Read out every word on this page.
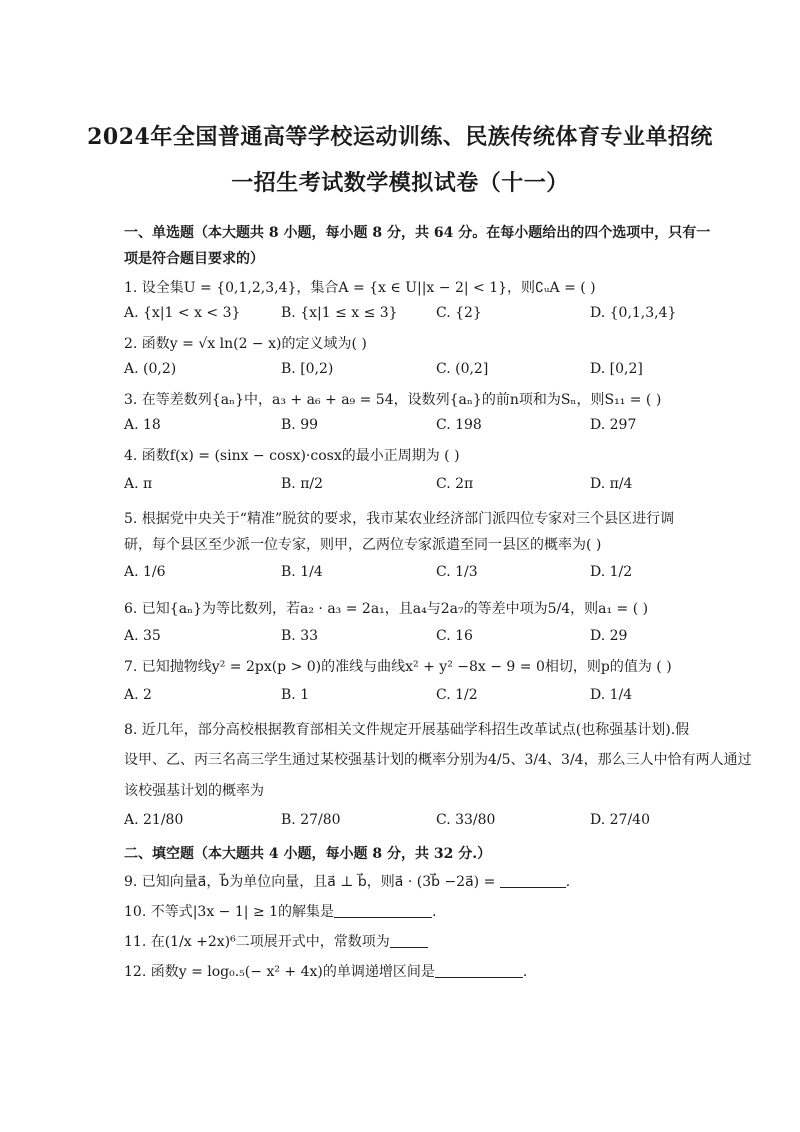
2024年全国普通高等学校运动训练、民族传统体育专业单招统
一招生考试数学模拟试卷（十一）
一、单选题（本大题共 8 小题，每小题 8 分，共 64 分。在每小题给出的四个选项中，只有一
项是符合题目要求的）
1. 设全集U = {0,1,2,3,4}，集合A = {x ∈ U||x − 2| < 1}，则∁ᵤA = ( )
A. {x|1 < x < 3}	B. {x|1 ≤ x ≤ 3}	C. {2}	D. {0,1,3,4}
2. 函数y = √x ln(2 − x)的定义域为( )
A. (0,2)	B. [0,2)	C. (0,2]	D. [0,2]
3. 在等差数列{aₙ}中，a₃ + a₆ + a₉ = 54，设数列{aₙ}的前n项和为Sₙ，则S₁₁ = ( )
A. 18	B. 99	C. 198	D. 297
4. 函数f(x) = (sinx − cosx)·cosx的最小正周期为 ( )
A. π	B. π/2	C. 2π	D. π/4
5. 根据党中央关于“精准”脱贫的要求，我市某农业经济部门派四位专家对三个县区进行调
研，每个县区至少派一位专家，则甲，乙两位专家派遣至同一县区的概率为( )
A. 1/6	B. 1/4	C. 1/3	D. 1/2
6. 已知{aₙ}为等比数列，若a₂ · a₃ = 2a₁，且a₄与2a₇的等差中项为5/4，则a₁ = ( )
A. 35	B. 33	C. 16	D. 29
7. 已知抛物线y² = 2px(p > 0)的准线与曲线x² + y² −8x − 9 = 0相切，则p的值为 ( )
A. 2	B. 1	C. 1/2	D. 1/4
8. 近几年，部分高校根据教育部相关文件规定开展基础学科招生改革试点(也称强基计划).假
设甲、乙、丙三名高三学生通过某校强基计划的概率分别为4/5、3/4、3/4，那么三人中恰有两人通过
该校强基计划的概率为
A. 21/80	B. 27/80	C. 33/80	D. 27/40
二、填空题（本大题共 4 小题，每小题 8 分，共 32 分.）
9. 已知向量a⃗，b⃗为单位向量，且a⃗ ⊥ b⃗，则a⃗ · (3b⃗ −2a⃗) =	.
10. 不等式|3x − 1| ≥ 1的解集是	.
11. 在(1/x +2x)⁶二项展开式中，常数项为
12. 函数y = log₀.₅(− x² + 4x)的单调递增区间是	.
